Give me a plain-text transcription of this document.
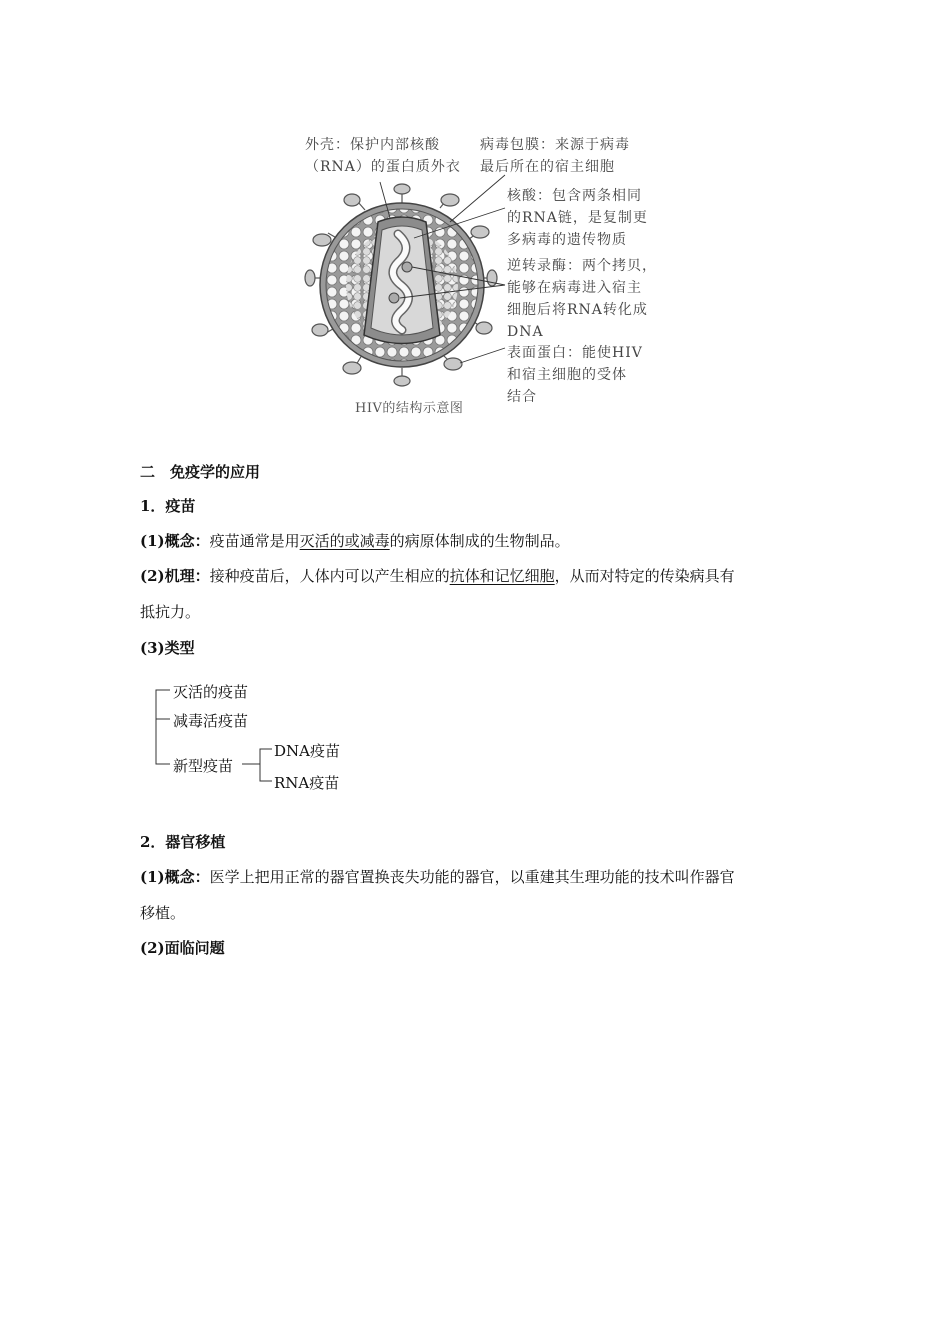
外壳：保护内部核酸
（RNA）的蛋白质外衣
病毒包膜：来源于病毒
最后所在的宿主细胞
核酸：包含两条相同
的RNA链，是复制更
多病毒的遗传物质
逆转录酶：两个拷贝，
能够在病毒进入宿主
细胞后将RNA转化成
DNA
表面蛋白：能使HIV
和宿主细胞的受体
结合
HIV的结构示意图
二　免疫学的应用
1．疫苗
(1)概念：疫苗通常是用灭活的或减毒的病原体制成的生物制品。
(2)机理：接种疫苗后，人体内可以产生相应的抗体和记忆细胞，从而对特定的传染病具有
抵抗力。
(3)类型
灭活的疫苗
减毒活疫苗
新型疫苗
DNA疫苗
RNA疫苗
2．器官移植
(1)概念：医学上把用正常的器官置换丧失功能的器官，以重建其生理功能的技术叫作器官
移植。
(2)面临问题
